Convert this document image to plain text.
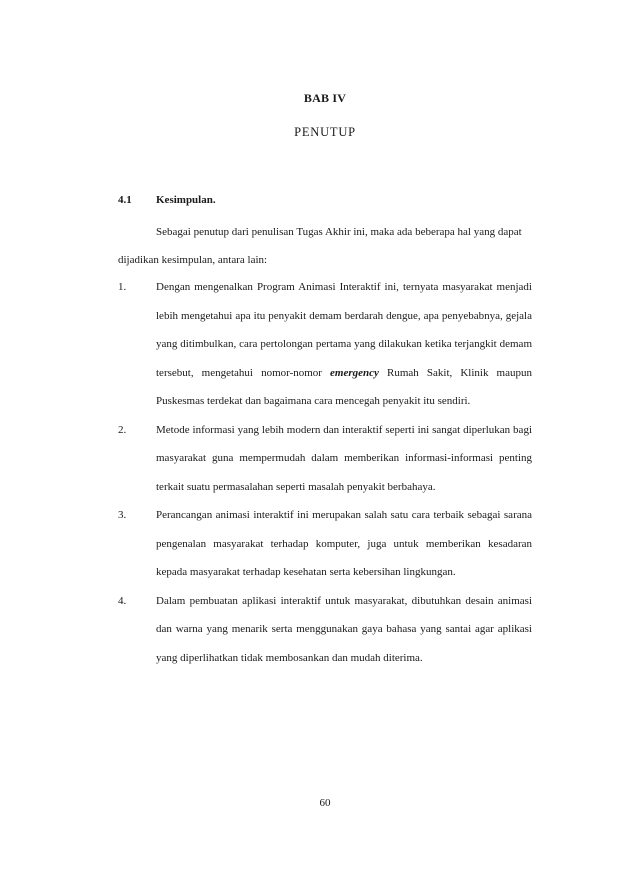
BAB IV
PENUTUP
4.1 Kesimpulan.
Sebagai penutup dari penulisan Tugas Akhir ini, maka ada beberapa hal yang dapat dijadikan kesimpulan, antara lain:
1.	Dengan mengenalkan Program Animasi Interaktif ini, ternyata masyarakat menjadi lebih mengetahui apa itu penyakit demam berdarah dengue, apa penyebabnya, gejala yang ditimbulkan, cara pertolongan pertama yang dilakukan ketika terjangkit demam tersebut, mengetahui nomor-nomor emergency Rumah Sakit, Klinik maupun Puskesmas terdekat dan bagaimana cara mencegah penyakit itu sendiri.
2.	Metode informasi yang lebih modern dan interaktif seperti ini sangat diperlukan bagi masyarakat guna mempermudah dalam memberikan informasi-informasi penting terkait suatu permasalahan seperti masalah penyakit berbahaya.
3.	Perancangan animasi interaktif ini merupakan salah satu cara terbaik sebagai sarana pengenalan masyarakat terhadap komputer, juga untuk memberikan kesadaran kepada masyarakat terhadap kesehatan serta kebersihan lingkungan.
4.	Dalam pembuatan aplikasi interaktif untuk masyarakat, dibutuhkan desain animasi dan warna yang menarik serta menggunakan gaya bahasa yang santai agar aplikasi yang diperlihatkan tidak membosankan dan mudah diterima.
60
